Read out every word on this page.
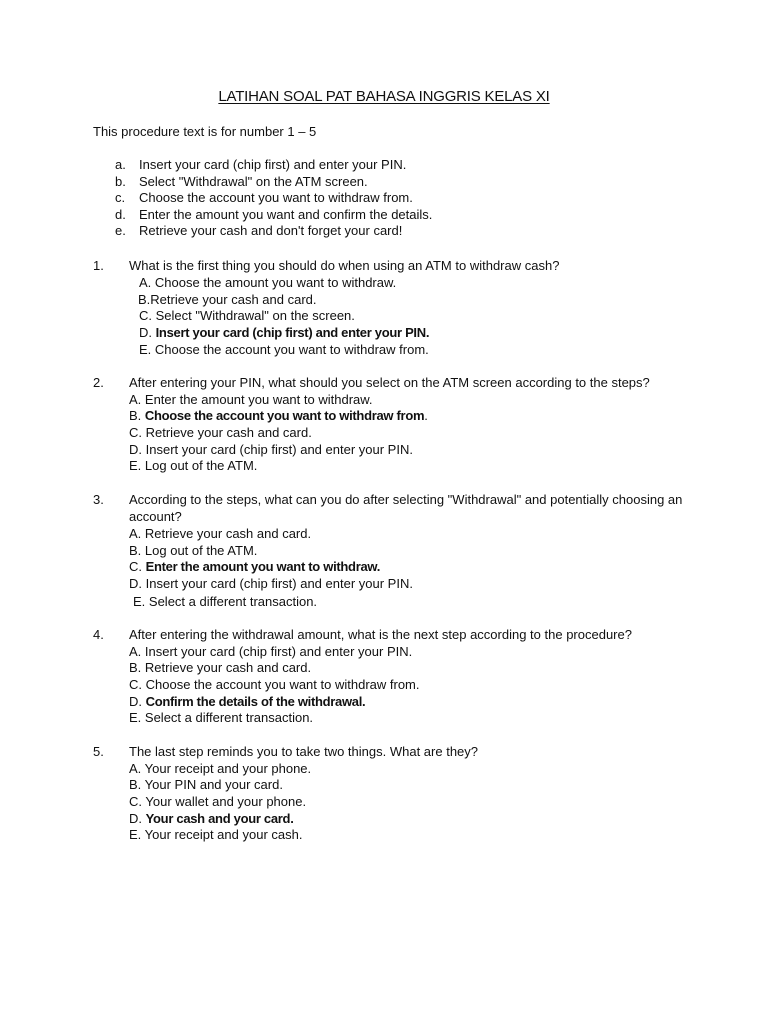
LATIHAN SOAL PAT BAHASA INGGRIS KELAS XI
This procedure text is for number 1 – 5
a. Insert your card (chip first) and enter your PIN.
b. Select "Withdrawal" on the ATM screen.
c. Choose the account you want to withdraw from.
d. Enter the amount you want and confirm the details.
e. Retrieve your cash and don't forget your card!
1. What is the first thing you should do when using an ATM to withdraw cash?
A. Choose the amount you want to withdraw.
B.Retrieve your cash and card.
C. Select "Withdrawal" on the screen.
D. Insert your card (chip first) and enter your PIN.
E. Choose the account you want to withdraw from.
2. After entering your PIN, what should you select on the ATM screen according to the steps?
A. Enter the amount you want to withdraw.
B. Choose the account you want to withdraw from.
C. Retrieve your cash and card.
D. Insert your card (chip first) and enter your PIN.
E. Log out of the ATM.
3. According to the steps, what can you do after selecting "Withdrawal" and potentially choosing an account?
A. Retrieve your cash and card.
B. Log out of the ATM.
C. Enter the amount you want to withdraw.
D. Insert your card (chip first) and enter your PIN.
E. Select a different transaction.
4. After entering the withdrawal amount, what is the next step according to the procedure?
A. Insert your card (chip first) and enter your PIN.
B. Retrieve your cash and card.
C. Choose the account you want to withdraw from.
D. Confirm the details of the withdrawal.
E. Select a different transaction.
5. The last step reminds you to take two things. What are they?
A. Your receipt and your phone.
B. Your PIN and your card.
C. Your wallet and your phone.
D. Your cash and your card.
E. Your receipt and your cash.
